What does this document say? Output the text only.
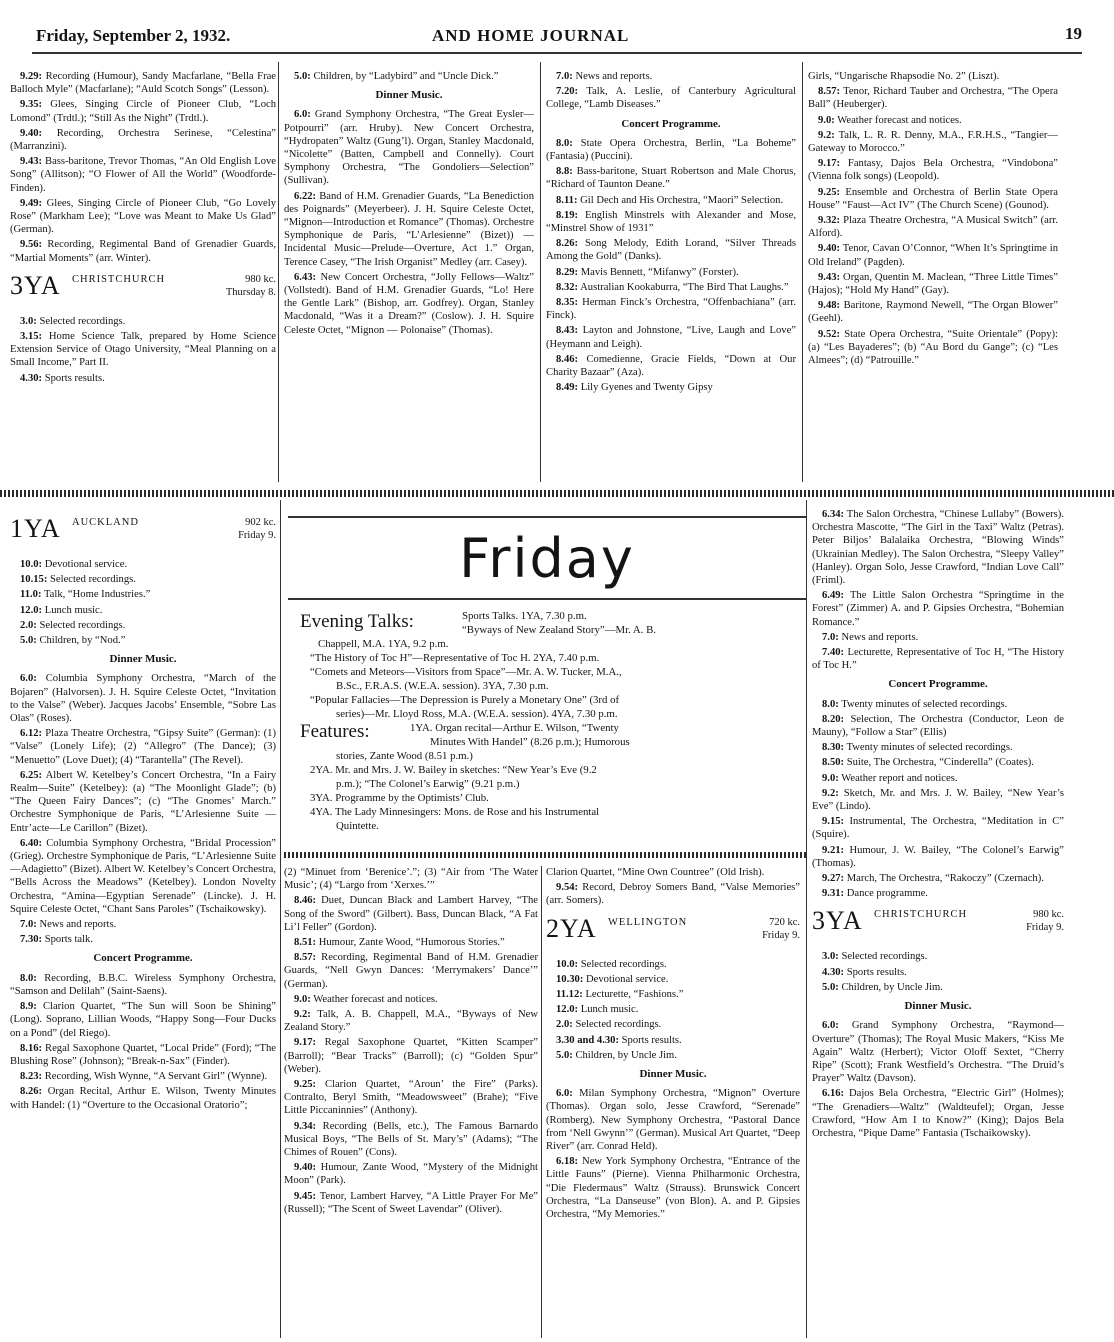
Friday, September 2, 1932.	AND HOME JOURNAL	19

9.29: Recording (Humour), Sandy Macfarlane, “Bella Frae Balloch Myle” (Macfarlane); “Auld Scotch Songs” (Lesson).

9.35: Glees, Singing Circle of Pioneer Club, “Loch Lomond” (Trdtl.); “Still As the Night” (Trdtl.).

9.40: Recording, Orchestra Serinese, “Celestina” (Marranzini).

9.43: Bass-baritone, Trevor Thomas, “An Old English Love Song” (Allitson); “O Flower of All the World” (Woodforde-Finden).

9.49: Glees, Singing Circle of Pioneer Club, “Go Lovely Rose” (Markham Lee); “Love was Meant to Make Us Glad” (German).

9.56: Recording, Regimental Band of Grenadier Guards, “Martial Moments” (arr. Winter).

3YA CHRISTCHURCH	980 kc.
Thursday 8.

3.0: Selected recordings.

3.15: Home Science Talk, prepared by Home Science Extension Service of Otago University, “Meal Planning on a Small Income,” Part II.

4.30: Sports results.

5.0: Children, by “Ladybird” and “Uncle Dick.”

Dinner Music.

6.0: Grand Symphony Orchestra, “The Great Eysler—Potpourri” (arr. Hruby). New Concert Orchestra, “Hydropaten” Waltz (Gung’l). Organ, Stanley Macdonald, “Nicolette” (Batten, Campbell and Connelly). Court Symphony Orchestra, “The Gondoliers—Selection” (Sullivan).

6.22: Band of H.M. Grenadier Guards, “La Benediction des Poignards” (Meyerbeer). J. H. Squire Celeste Octet, “Mignon—Introduction et Romance” (Thomas). Orchestre Symphonique de Paris, “L’Arlesienne” (Bizet)) — Incidental Music—Prelude—Overture, Act 1.” Organ, Terence Casey, “The Irish Organist” Medley (arr. Casey).

6.43: New Concert Orchestra, “Jolly Fellows—Waltz” (Vollstedt). Band of H.M. Grenadier Guards, “Lo! Here the Gentle Lark” (Bishop, arr. Godfrey). Organ, Stanley Macdonald, “Was it a Dream?” (Coslow). J. H. Squire Celeste Octet, “Mignon — Polonaise” (Thomas).

7.0: News and reports.

7.20: Talk, A. Leslie, of Canterbury Agricultural College, “Lamb Diseases.”

Concert Programme.

8.0: State Opera Orchestra, Berlin, “La Boheme” (Fantasia) (Puccini).

8.8: Bass-baritone, Stuart Robertson and Male Chorus, “Richard of Taunton Deane.”

8.11: Gil Dech and His Orchestra, “Maori” Selection.

8.19: English Minstrels with Alexander and Mose, “Minstrel Show of 1931”

8.26: Song Melody, Edith Lorand, “Silver Threads Among the Gold” (Danks).

8.29: Mavis Bennett, “Mifanwy” (Forster).

8.32: Australian Kookaburra, “The Bird That Laughs.”

8.35: Herman Finck’s Orchestra, “Offenbachiana” (arr. Finck).

8.43: Layton and Johnstone, “Live, Laugh and Love” (Heymann and Leigh).

8.46: Comedienne, Gracie Fields, “Down at Our Charity Bazaar” (Aza).

8.49: Lily Gyenes and Twenty Gipsy

Girls, “Ungarische Rhapsodie No. 2” (Liszt).

8.57: Tenor, Richard Tauber and Orchestra, “The Opera Ball” (Heuberger).

9.0: Weather forecast and notices.

9.2: Talk, L. R. R. Denny, M.A., F.R.H.S., “Tangier—Gateway to Morocco.”

9.17: Fantasy, Dajos Bela Orchestra, “Vindobona” (Vienna folk songs) (Leopold).

9.25: Ensemble and Orchestra of Berlin State Opera House” “Faust—Act IV” (The Church Scene) (Gounod).

9.32: Plaza Theatre Orchestra, “A Musical Switch” (arr. Alford).

9.40: Tenor, Cavan O’Connor, “When It’s Springtime in Old Ireland” (Pagden).

9.43: Organ, Quentin M. Maclean, “Three Little Times” (Hajos); “Hold My Hand” (Gay).

9.48: Baritone, Raymond Newell, “The Organ Blower” (Geehl).

9.52: State Opera Orchestra, “Suite Orientale” (Popy): (a) “Les Bayaderes”; (b) “Au Bord du Gange”; (c) “Les Almees”; (d) “Patrouille.”

1YA AUCKLAND	902 kc.
Friday 9.

10.0: Devotional service.

10.15: Selected recordings.

11.0: Talk, “Home Industries.”

12.0: Lunch music.

2.0: Selected recordings.

5.0: Children, by “Nod.”

Dinner Music.

6.0: Columbia Symphony Orchestra, “March of the Bojaren” (Halvorsen). J. H. Squire Celeste Octet, “Invitation to the Valse” (Weber). Jacques Jacobs’ Ensemble, “Sobre Las Olas” (Roses).

6.12: Plaza Theatre Orchestra, “Gipsy Suite” (German): (1) “Valse” (Lonely Life); (2) “Allegro” (The Dance); (3) “Menuetto” (Love Duet); (4) “Tarantella” (The Revel).

6.25: Albert W. Ketelbey’s Concert Orchestra, “In a Fairy Realm—Suite” (Ketelbey): (a) “The Moonlight Glade”; (b) “The Queen Fairy Dances”; (c) “The Gnomes’ March.” Orchestre Symphonique de Paris, “L’Arlesienne Suite —Entr’acte—Le Carillon” (Bizet).

6.40: Columbia Symphony Orchestra, “Bridal Procession” (Grieg). Orchestre Symphonique de Paris, “L’Arlesienne Suite—Adagietto” (Bizet). Albert W. Ketelbey’s Concert Orchestra, “Bells Across the Meadows” (Ketelbey). London Novelty Orchestra, “Amina—Egyptian Serenade” (Lincke). J. H. Squire Celeste Octet, “Chant Sans Paroles” (Tschaikowsky).

7.0: News and reports.

7.30: Sports talk.

Concert Programme.

8.0: Recording, B.B.C. Wireless Symphony Orchestra, “Samson and Delilah” (Saint-Saens).

8.9: Clarion Quartet, “The Sun will Soon be Shining” (Long). Soprano, Lillian Woods, “Happy Song—Four Ducks on a Pond” (del Riego).

8.16: Regal Saxophone Quartet, “Local Pride” (Ford); “The Blushing Rose” (Johnson); “Break-n-Sax” (Finder).

8.23: Recording, Wish Wynne, “A Servant Girl” (Wynne).

8.26: Organ Recital, Arthur E. Wilson, Twenty Minutes with Handel: (1) “Overture to the Occasional Oratorio”;

Friday
Evening Talks:	Sports Talks. 1YA, 7.30 p.m.
“Byways of New Zealand Story”—Mr. A. B.
Chappell, M.A. 1YA, 9.2 p.m.
“The History of Toc H”—Representative of Toc H. 2YA, 7.40 p.m.
“Comets and Meteors—Visitors from Space”—Mr. A. W. Tucker, M.A.,
B.Sc., F.R.A.S. (W.E.A. session). 3YA, 7.30 p.m.
“Popular Fallacies—The Depression is Purely a Monetary One” (3rd of
series)—Mr. Lloyd Ross, M.A. (W.E.A. session). 4YA, 7.30 p.m.
Features:	1YA. Organ recital—Arthur E. Wilson, “Twenty
Minutes With Handel” (8.26 p.m.); Humorous
stories, Zante Wood (8.51 p.m.)
2YA. Mr. and Mrs. J. W. Bailey in sketches: “New Year’s Eve (9.2
p.m.); “The Colonel’s Earwig” (9.21 p.m.)
3YA. Programme by the Optimists’ Club.
4YA. The Lady Minnesingers: Mons. de Rose and his Instrumental
Quintette.

(2) “Minuet from ‘Berenice’.”; (3) “Air from ‘The Water Music’; (4) “Largo from ‘Xerxes.’”

8.46: Duet, Duncan Black and Lambert Harvey, “The Song of the Sword” (Gilbert). Bass, Duncan Black, “A Fat Li’l Feller” (Gordon).

8.51: Humour, Zante Wood, “Humorous Stories.”

8.57: Recording, Regimental Band of H.M. Grenadier Guards, “Nell Gwyn Dances: ‘Merrymakers’ Dance’” (German).

9.0: Weather forecast and notices.

9.2: Talk, A. B. Chappell, M.A., “Byways of New Zealand Story.”

9.17: Regal Saxophone Quartet, “Kitten Scamper” (Barroll); “Bear Tracks” (Barroll); (c) “Golden Spur” (Weber).

9.25: Clarion Quartet, “Aroun’ the Fire” (Parks). Contralto, Beryl Smith, “Meadowsweet” (Brahe); “Five Little Piccaninnies” (Anthony).

9.34: Recording (Bells, etc.), The Famous Barnardo Musical Boys, “The Bells of St. Mary’s” (Adams); “The Chimes of Rouen” (Cons).

9.40: Humour, Zante Wood, “Mystery of the Midnight Moon” (Park).

9.45: Tenor, Lambert Harvey, “A Little Prayer For Me” (Russell); “The Scent of Sweet Lavendar” (Oliver).

Clarion Quartet, “Mine Own Countree” (Old Irish).

9.54: Record, Debroy Somers Band, “Valse Memories” (arr. Somers).

2YA WELLINGTON	720 kc.
Friday 9.

10.0: Selected recordings.

10.30: Devotional service.

11.12: Lecturette, “Fashions.”

12.0: Lunch music.

2.0: Selected recordings.

3.30 and 4.30: Sports results.

5.0: Children, by Uncle Jim.

Dinner Music.

6.0: Milan Symphony Orchestra, “Mignon” Overture (Thomas). Organ solo, Jesse Crawford, “Serenade” (Romberg). New Symphony Orchestra, “Pastoral Dance from ‘Nell Gwynn’” (German). Musical Art Quartet, “Deep River” (arr. Conrad Held).

6.18: New York Symphony Orchestra, “Entrance of the Little Fauns” (Pierne). Vienna Philharmonic Orchestra, “Die Fledermaus” Waltz (Strauss). Brunswick Concert Orchestra, “La Danseuse” (von Blon). A. and P. Gipsies Orchestra, “My Memories.”

6.34: The Salon Orchestra, “Chinese Lullaby” (Bowers). Orchestra Mascotte, “The Girl in the Taxi” Waltz (Petras). Peter Biljos’ Balalaika Orchestra, “Blowing Winds” (Ukrainian Medley). The Salon Orchestra, “Sleepy Valley” (Hanley). Organ Solo, Jesse Crawford, “Indian Love Call” (Friml).

6.49: The Little Salon Orchestra “Springtime in the Forest” (Zimmer) A. and P. Gipsies Orchestra, “Bohemian Romance.”

7.0: News and reports.

7.40: Lecturette, Representative of Toc H, “The History of Toc H.”

Concert Programme.

8.0: Twenty minutes of selected recordings.

8.20: Selection, The Orchestra (Conductor, Leon de Mauny), “Follow a Star” (Ellis)

8.30: Twenty minutes of selected recordings.

8.50: Suite, The Orchestra, “Cinderella” (Coates).

9.0: Weather report and notices.

9.2: Sketch, Mr. and Mrs. J. W. Bailey, “New Year’s Eve” (Lindo).

9.15: Instrumental, The Orchestra, “Meditation in C” (Squire).

9.21: Humour, J. W. Bailey, “The Colonel’s Earwig” (Thomas).

9.27: March, The Orchestra, “Rakoczy” (Czernach).

9.31: Dance programme.

3YA CHRISTCHURCH	980 kc.
Friday 9.

3.0: Selected recordings.

4.30: Sports results.

5.0: Children, by Uncle Jim.

Dinner Music.

6.0: Grand Symphony Orchestra, “Raymond—Overture” (Thomas); The Royal Music Makers, “Kiss Me Again” Waltz (Herbert); Victor Oloff Sextet, “Cherry Ripe” (Scott); Frank Westfield’s Orchestra. “The Druid’s Prayer” Waltz (Davson).

6.16: Dajos Bela Orchestra, “Electric Girl” (Holmes); “The Grenadiers—Waltz” (Waldteufel); Organ, Jesse Crawford, “How Am I to Know?” (King); Dajos Bela Orchestra, “Pique Dame” Fantasia (Tschaikowsky).
